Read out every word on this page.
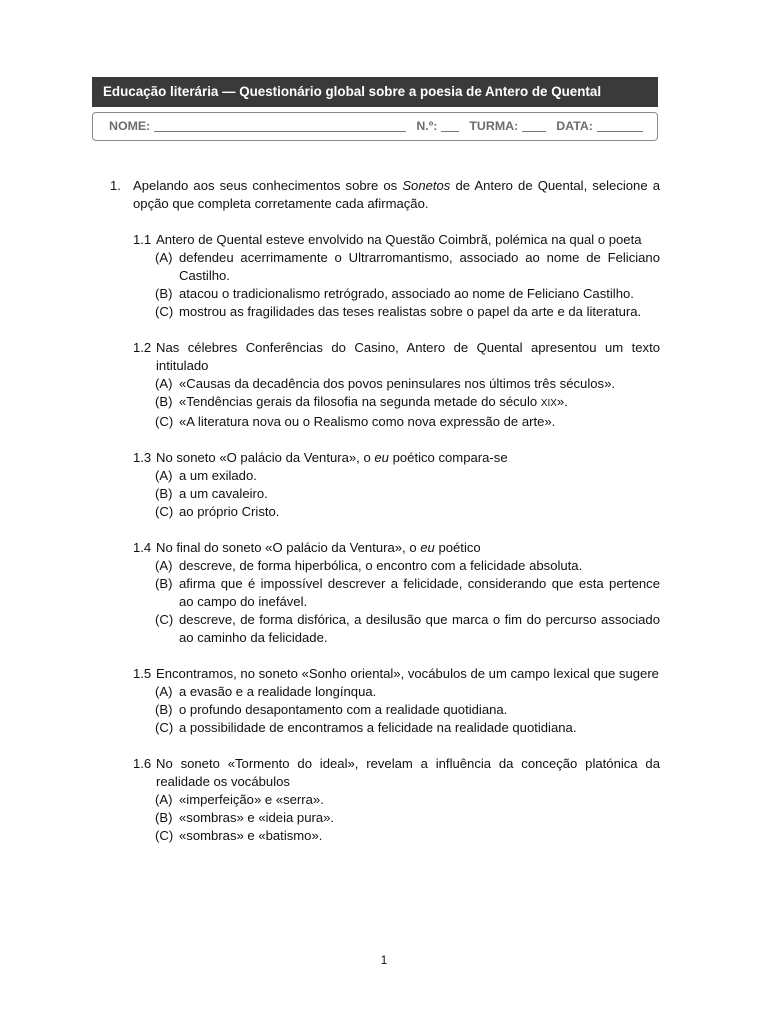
Educação literária — Questionário global sobre a poesia de Antero de Quental
NOME:	N.º:	TURMA:	DATA:
1. Apelando aos seus conhecimentos sobre os Sonetos de Antero de Quental, selecione a opção que completa corretamente cada afirmação.
1.1 Antero de Quental esteve envolvido na Questão Coimbrã, polémica na qual o poeta
(A) defendeu acerrimamente o Ultrarromantismo, associado ao nome de Feliciano Castilho.
(B) atacou o tradicionalismo retrógrado, associado ao nome de Feliciano Castilho.
(C) mostrou as fragilidades das teses realistas sobre o papel da arte e da literatura.
1.2 Nas célebres Conferências do Casino, Antero de Quental apresentou um texto intitulado
(A) «Causas da decadência dos povos peninsulares nos últimos três séculos».
(B) «Tendências gerais da filosofia na segunda metade do século XIX».
(C) «A literatura nova ou o Realismo como nova expressão de arte».
1.3 No soneto «O palácio da Ventura», o eu poético compara-se
(A) a um exilado.
(B) a um cavaleiro.
(C) ao próprio Cristo.
1.4 No final do soneto «O palácio da Ventura», o eu poético
(A) descreve, de forma hiperbólica, o encontro com a felicidade absoluta.
(B) afirma que é impossível descrever a felicidade, considerando que esta pertence ao campo do inefável.
(C) descreve, de forma disfórica, a desilusão que marca o fim do percurso associado ao caminho da felicidade.
1.5 Encontramos, no soneto «Sonho oriental», vocábulos de um campo lexical que sugere
(A) a evasão e a realidade longínqua.
(B) o profundo desapontamento com a realidade quotidiana.
(C) a possibilidade de encontramos a felicidade na realidade quotidiana.
1.6 No soneto «Tormento do ideal», revelam a influência da conceção platónica da realidade os vocábulos
(A) «imperfeição» e «serra».
(B) «sombras» e «ideia pura».
(C) «sombras» e «batismo».
1
